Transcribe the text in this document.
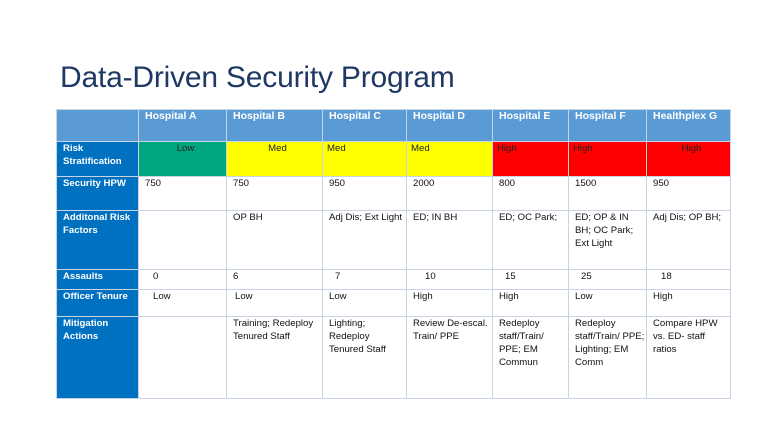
Data-Driven Security Program
	Hospital A	Hospital B	Hospital C	Hospital D	Hospital E	Hospital F	Healthplex G
Risk Stratification	Low	Med	Med	Med	High	High	High
Security HPW	750	750	950	2000	800	1500	950
Additonal Risk Factors		OP BH	Adj Dis; Ext Light	ED; IN BH	ED; OC Park;	ED; OP & IN BH; OC Park; Ext Light	Adj Dis; OP BH;
Assaults	0	6	7	10	15	25	18
Officer Tenure	Low	Low	Low	High	High	Low	High
Mitigation Actions		Training; Redeploy Tenured Staff	Lighting; Redeploy Tenured Staff	Review De-escal. Train/ PPE	Redeploy staff/Train/ PPE; EM Commun	Redeploy staff/Train/ PPE; Lighting; EM Comm	Compare HPW vs. ED- staff ratios
